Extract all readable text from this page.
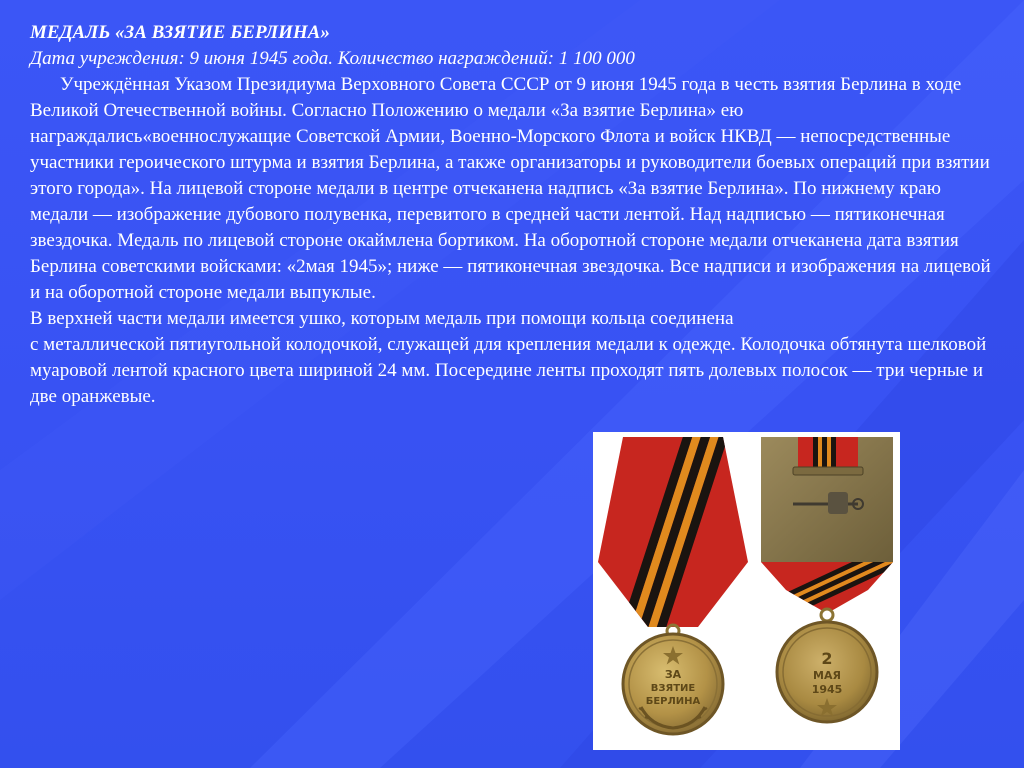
МЕДАЛЬ «ЗА ВЗЯТИЕ БЕРЛИНА»

Дата учреждения: 9 июня 1945 года. Количество награждений: 1 100 000

Учреждённая Указом Президиума Верховного Совета СССР от 9 июня 1945 года в честь взятия Берлина в ходе Великой Отечественной войны. Согласно Положению о медали «За взятие Берлина» ею награждались«военнослужащие Советской Армии, Военно-Морского Флота и войск НКВД — непосредственные участники героического штурма и взятия Берлина, а также организаторы и руководители боевых операций при взятии этого города». На лицевой стороне медали в центре отчеканена надпись «За взятие Берлина». По нижнему краю медали — изображение дубового полувенка, перевитого в средней части лентой. Над надписью — пятиконечная звездочка. Медаль по лицевой стороне окаймлена бортиком. На оборотной стороне медали отчеканена дата взятия Берлина советскими войсками: «2мая 1945»; ниже — пятиконечная звездочка. Все надписи и изображения на лицевой и на оборотной стороне медали выпуклые.

В верхней части медали имеется ушко, которым медаль при помощи кольца соединена

с металлической пятиугольной колодочкой, служащей для крепления медали к одежде. Колодочка обтянута шелковой муаровой лентой красного цвета шириной 24 мм. Посередине ленты проходят пять долевых полосок — три черные и две оранжевые.

ЗА
ВЗЯТИЕ
БЕРЛИНА
2
МАЯ
1945
